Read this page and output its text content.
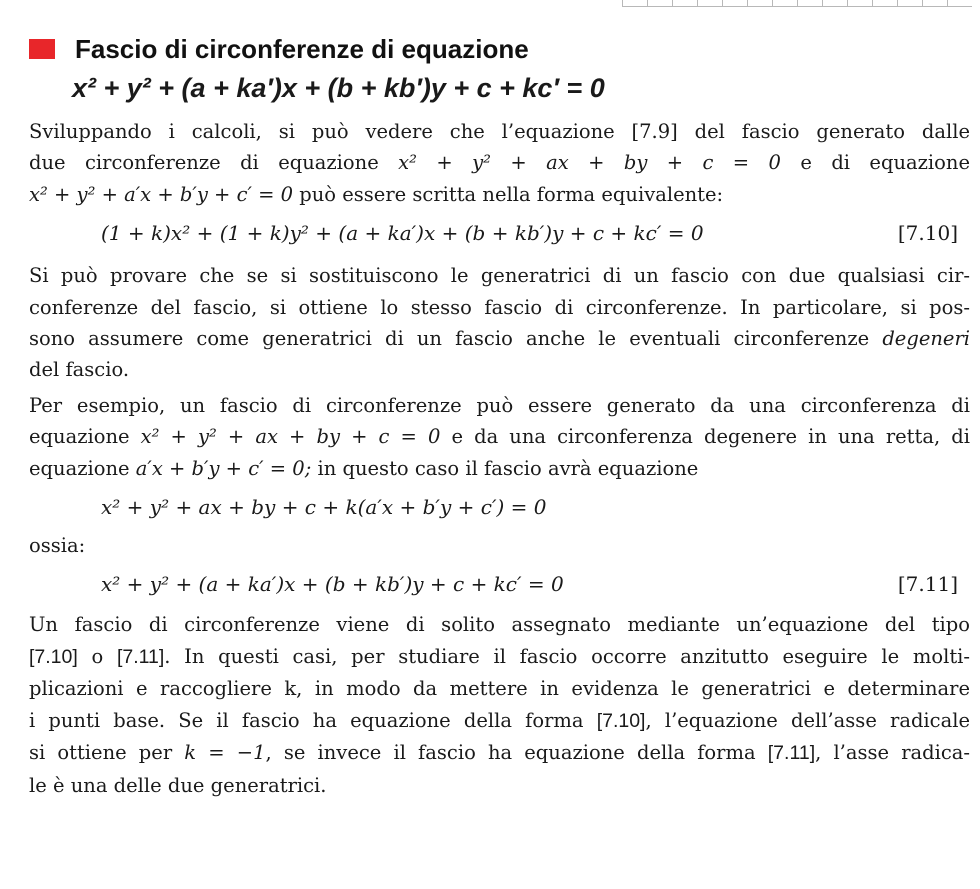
Fascio di circonferenze di equazione
x² + y² + (a + ka′)x + (b + kb′)y + c + kc′ = 0

Sviluppando i calcoli, si può vedere che l’equazione [7.9] del fascio generato dalle
due circonferenze di equazione x² + y² + ax + by + c = 0 e di equazione
x² + y² + a′x + b′y + c′ = 0 può essere scritta nella forma equivalente:

(1 + k)x² + (1 + k)y² + (a + ka′)x + (b + kb′)y + c + kc′ = 0	[7.10]

Si può provare che se si sostituiscono le generatrici di un fascio con due qualsiasi cir-
conferenze del fascio, si ottiene lo stesso fascio di circonferenze. In particolare, si pos-
sono assumere come generatrici di un fascio anche le eventuali circonferenze degeneri
del fascio.

Per esempio, un fascio di circonferenze può essere generato da una circonferenza di
equazione x² + y² + ax + by + c = 0 e da una circonferenza degenere in una retta, di
equazione a′x + b′y + c′ = 0; in questo caso il fascio avrà equazione

x² + y² + ax + by + c + k(a′x + b′y + c′) = 0

ossia:

x² + y² + (a + ka′)x + (b + kb′)y + c + kc′ = 0	[7.11]

Un fascio di circonferenze viene di solito assegnato mediante un’equazione del tipo
[7.10] o [7.11]. In questi casi, per studiare il fascio occorre anzitutto eseguire le molti-
plicazioni e raccogliere k, in modo da mettere in evidenza le generatrici e determinare
i punti base. Se il fascio ha equazione della forma [7.10], l’equazione dell’asse radicale
si ottiene per k = −1, se invece il fascio ha equazione della forma [7.11], l’asse radica-
le è una delle due generatrici.
